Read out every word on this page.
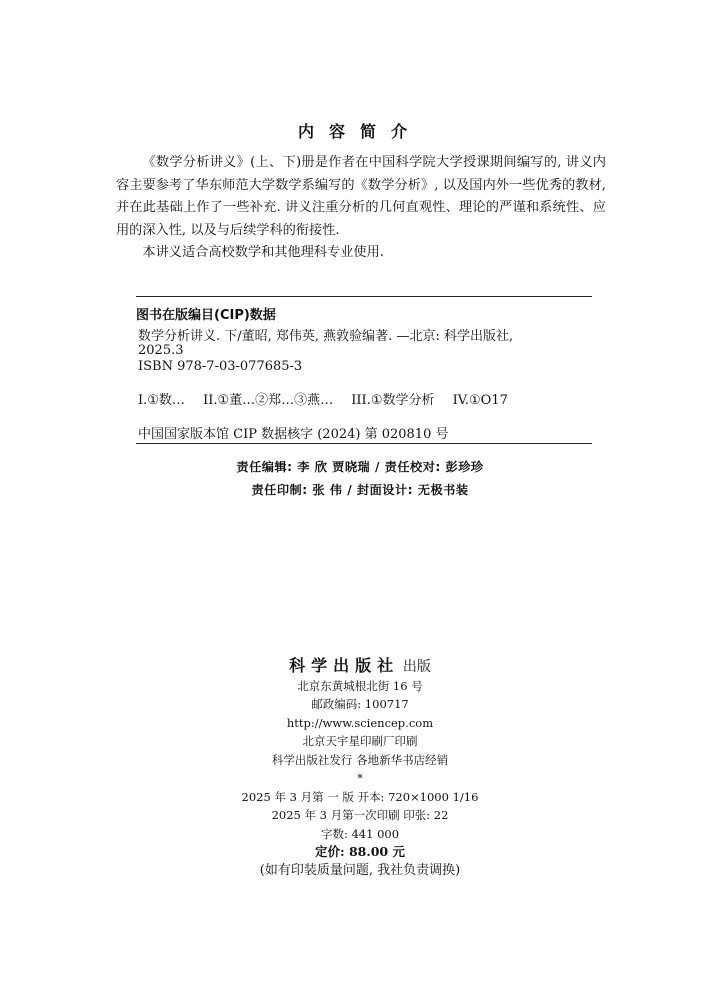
内容简介

《数学分析讲义》(上、下)册是作者在中国科学院大学授课期间编写的, 讲义内容主要参考了华东师范大学数学系编写的《数学分析》, 以及国内外一些优秀的教材, 并在此基础上作了一些补充. 讲义注重分析的几何直观性、理论的严谨和系统性、应用的深入性, 以及与后续学科的衔接性.

本讲义适合高校数学和其他理科专业使用.

图书在版编目(CIP)数据
数学分析讲义. 下/董昭, 郑伟英, 燕敦验编著. —北京: 科学出版社,
2025.3
ISBN 978-7-03-077685-3
I.①数… II.①董…②郑…③燕… III.①数学分析 IV.①O17
中国国家版本馆 CIP 数据核字 (2024) 第 020810 号
责任编辑: 李 欣 贾晓瑞 / 责任校对: 彭珍珍
责任印制: 张 伟 / 封面设计: 无极书装
科学出版社 出版
北京东黄城根北街 16 号
邮政编码: 100717
http://www.sciencep.com
北京天宇星印刷厂印刷
科学出版社发行 各地新华书店经销
*
2025 年 3 月第 一 版 开本: 720×1000 1/16
2025 年 3 月第一次印刷 印张: 22
字数: 441 000
定价: 88.00 元
(如有印装质量问题, 我社负责调换)
